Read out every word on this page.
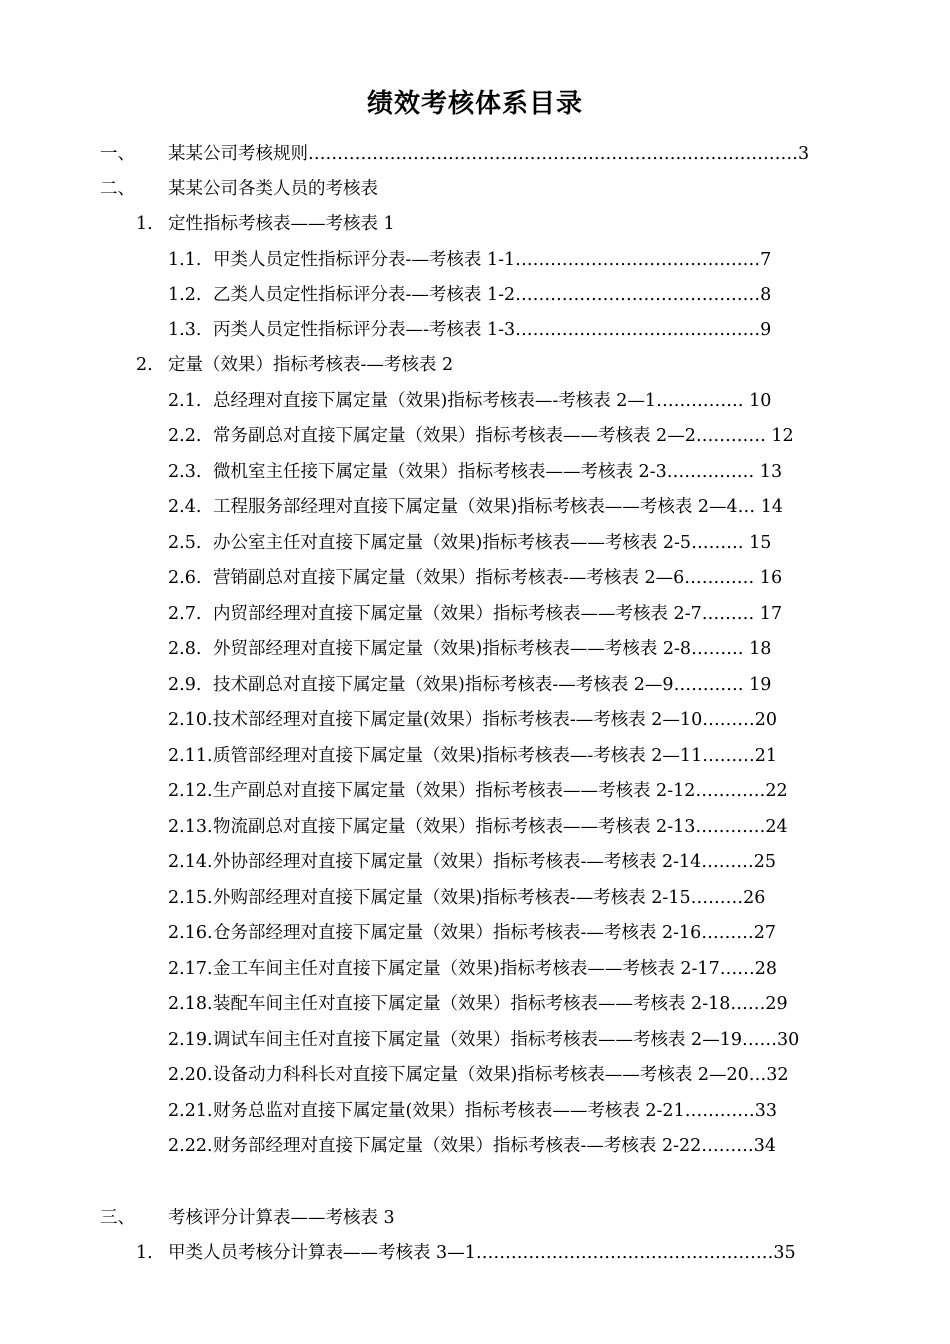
绩效考核体系目录
一、 某某公司考核规则…………………………………………………………………………3
二、 某某公司各类人员的考核表
1. 定性指标考核表——考核表 1
1.1. 甲类人员定性指标评分表-—考核表 1-1……………………………………7
1.2. 乙类人员定性指标评分表-—考核表 1-2……………………………………8
1.3. 丙类人员定性指标评分表—-考核表 1-3……………………………………9
2. 定量（效果）指标考核表-—考核表 2
2.1. 总经理对直接下属定量（效果)指标考核表—-考核表 2—1…………… 10
2.2. 常务副总对直接下属定量（效果）指标考核表——考核表 2—2………… 12
2.3. 微机室主任接下属定量（效果）指标考核表——考核表 2-3…………… 13
2.4. 工程服务部经理对直接下属定量（效果)指标考核表——考核表 2—4… 14
2.5. 办公室主任对直接下属定量（效果)指标考核表——考核表 2-5……… 15
2.6. 营销副总对直接下属定量（效果）指标考核表-—考核表 2—6………… 16
2.7. 内贸部经理对直接下属定量（效果）指标考核表——考核表 2-7……… 17
2.8. 外贸部经理对直接下属定量（效果)指标考核表——考核表 2-8……… 18
2.9. 技术副总对直接下属定量（效果)指标考核表-—考核表 2—9………… 19
2.10. 技术部经理对直接下属定量(效果）指标考核表-—考核表 2—10………20
2.11. 质管部经理对直接下属定量（效果)指标考核表—-考核表 2—11………21
2.12. 生产副总对直接下属定量（效果）指标考核表——考核表 2-12…………22
2.13. 物流副总对直接下属定量（效果）指标考核表——考核表 2-13…………24
2.14. 外协部经理对直接下属定量（效果）指标考核表-—考核表 2-14………25
2.15. 外购部经理对直接下属定量（效果)指标考核表-—考核表 2-15………26
2.16. 仓务部经理对直接下属定量（效果）指标考核表-—考核表 2-16………27
2.17. 金工车间主任对直接下属定量（效果)指标考核表——考核表 2-17……28
2.18. 装配车间主任对直接下属定量（效果）指标考核表——考核表 2-18……29
2.19. 调试车间主任对直接下属定量（效果）指标考核表——考核表 2—19……30
2.20. 设备动力科科长对直接下属定量（效果)指标考核表——考核表 2—20…32
2.21. 财务总监对直接下属定量(效果）指标考核表——考核表 2-21…………33
2.22. 财务部经理对直接下属定量（效果）指标考核表-—考核表 2-22………34
三、 考核评分计算表——考核表 3
1. 甲类人员考核分计算表——考核表 3—1……………………………………………35
